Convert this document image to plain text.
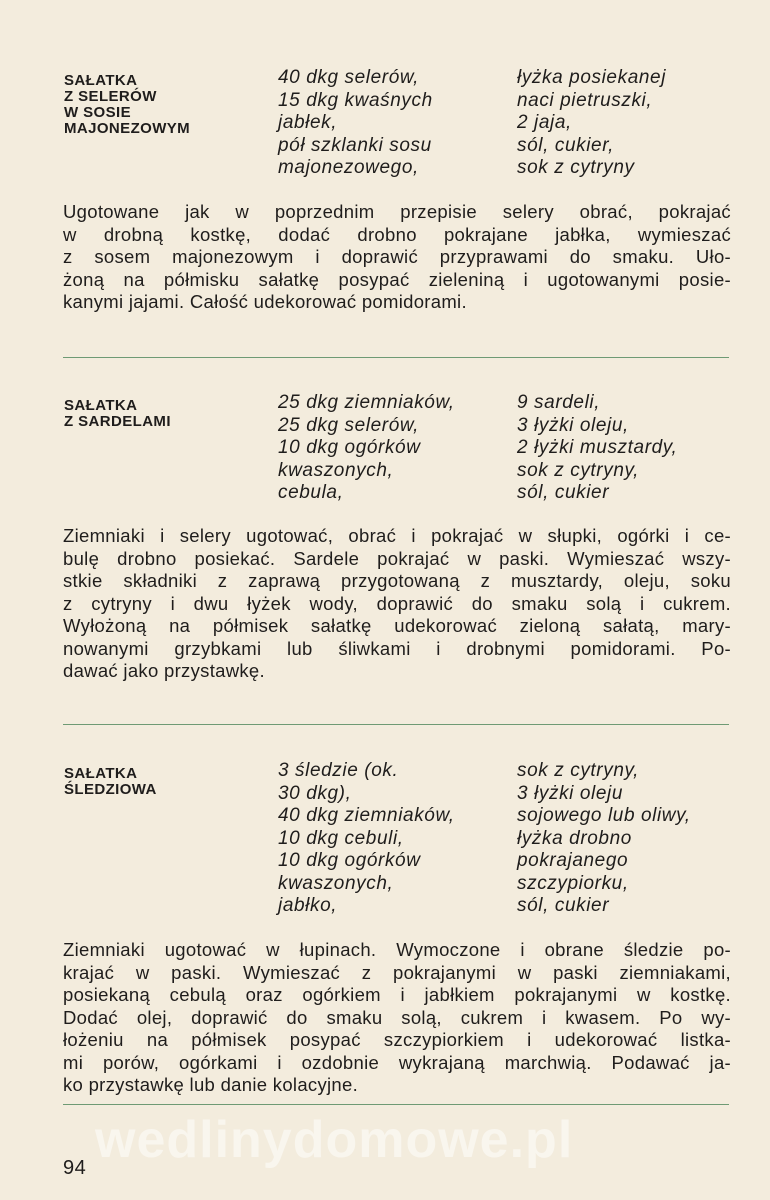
SAŁATKA
Z SELERÓW
W SOSIE
MAJONEZOWYM
40 dkg selerów,
15 dkg kwaśnych
jabłek,
pół szklanki sosu
majonezowego,
łyżka posiekanej
naci pietruszki,
2 jaja,
sól, cukier,
sok z cytryny
Ugotowane jak w poprzednim przepisie selery obrać, pokrajać
w drobną kostkę, dodać drobno pokrajane jabłka, wymieszać
z sosem majonezowym i doprawić przyprawami do smaku. Uło-
żoną na półmisku sałatkę posypać zieleniną i ugotowanymi posie-
kanymi jajami. Całość udekorować pomidorami.
SAŁATKA
Z SARDELAMI
25 dkg ziemniaków,
25 dkg selerów,
10 dkg ogórków
kwaszonych,
cebula,
9 sardeli,
3 łyżki oleju,
2 łyżki musztardy,
sok z cytryny,
sól, cukier
Ziemniaki i selery ugotować, obrać i pokrajać w słupki, ogórki i ce-
bulę drobno posiekać. Sardele pokrajać w paski. Wymieszać wszy-
stkie składniki z zaprawą przygotowaną z musztardy, oleju, soku
z cytryny i dwu łyżek wody, doprawić do smaku solą i cukrem.
Wyłożoną na półmisek sałatkę udekorować zieloną sałatą, mary-
nowanymi grzybkami lub śliwkami i drobnymi pomidorami. Po-
dawać jako przystawkę.
SAŁATKA
ŚLEDZIOWA
3 śledzie (ok.
30 dkg),
40 dkg ziemniaków,
10 dkg cebuli,
10 dkg ogórków
kwaszonych,
jabłko,
sok z cytryny,
3 łyżki oleju
sojowego lub oliwy,
łyżka drobno
pokrajanego
szczypiorku,
sól, cukier
Ziemniaki ugotować w łupinach. Wymoczone i obrane śledzie po-
krajać w paski. Wymieszać z pokrajanymi w paski ziemniakami,
posiekaną cebulą oraz ogórkiem i jabłkiem pokrajanymi w kostkę.
Dodać olej, doprawić do smaku solą, cukrem i kwasem. Po wy-
łożeniu na półmisek posypać szczypiorkiem i udekorować listka-
mi porów, ogórkami i ozdobnie wykrajaną marchwią. Podawać ja-
ko przystawkę lub danie kolacyjne.
wedlinydomowe.pl
94
